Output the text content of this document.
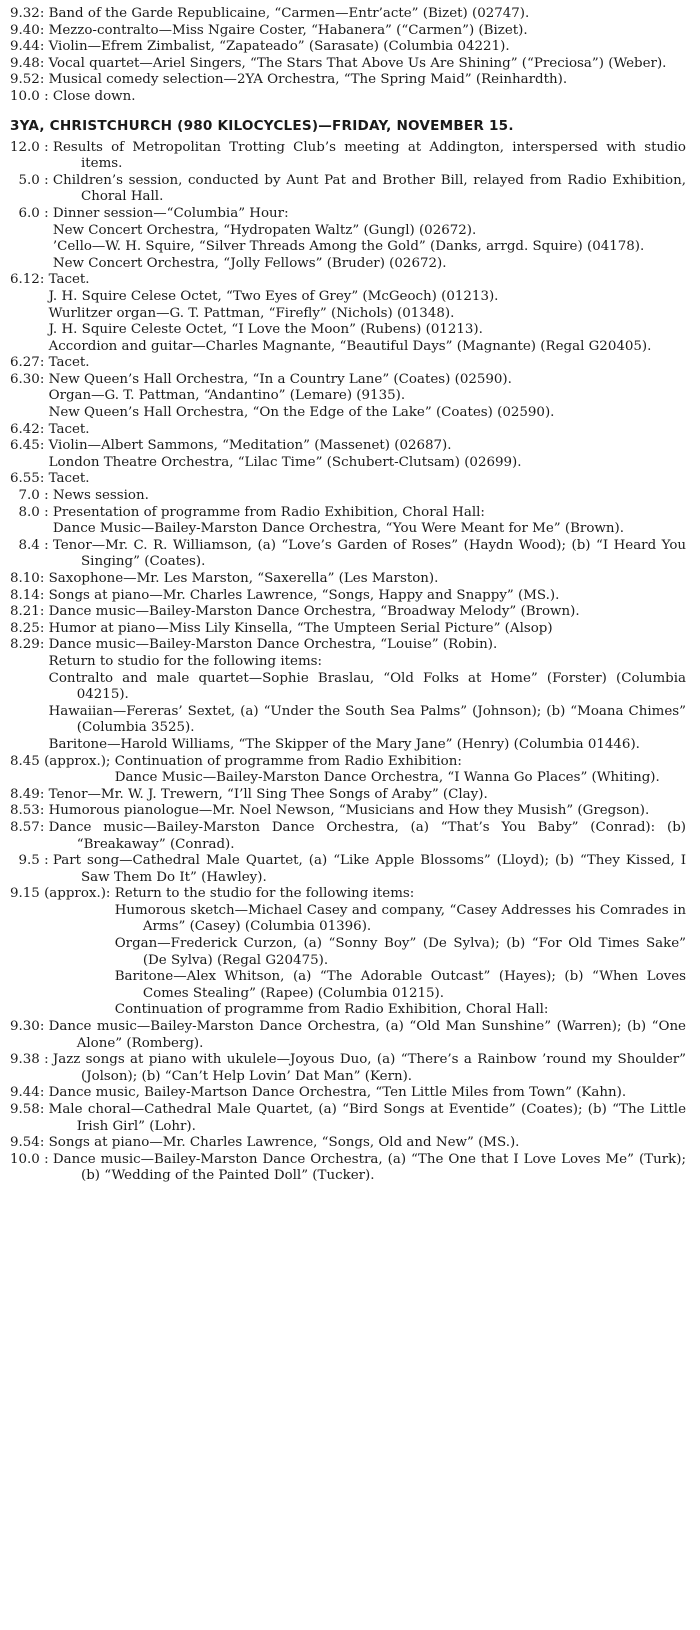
9.32: Band of the Garde Republicaine, “Carmen—Entr’acte” (Bizet) (02747).
9.40: Mezzo-contralto—Miss Ngaire Coster, “Habanera” (“Carmen”) (Bizet).
9.44: Violin—Efrem Zimbalist, “Zapateado” (Sarasate) (Columbia 04221).
9.48: Vocal quartet—Ariel Singers, “The Stars That Above Us Are Shining” (“Preciosa”) (Weber).
9.52: Musical comedy selection—2YA Orchestra, “The Spring Maid” (Reinhardth).
10.0 : Close down.
3YA, CHRISTCHURCH (980 KILOCYCLES)—FRIDAY, NOVEMBER 15.
12.0 : Results of Metropolitan Trotting Club’s meeting at Addington, interspersed with studio items.
5.0 : Children’s session, conducted by Aunt Pat and Brother Bill, relayed from Radio Exhibition, Choral Hall.
6.0 : Dinner session—“Columbia” Hour:
New Concert Orchestra, “Hydropaten Waltz” (Gungl) (02672).
’Cello—W. H. Squire, “Silver Threads Among the Gold” (Danks, arrgd. Squire) (04178).
New Concert Orchestra, “Jolly Fellows” (Bruder) (02672).
6.12: Tacet.
J. H. Squire Celese Octet, “Two Eyes of Grey” (McGeoch) (01213).
Wurlitzer organ—G. T. Pattman, “Firefly” (Nichols) (01348).
J. H. Squire Celeste Octet, “I Love the Moon” (Rubens) (01213).
Accordion and guitar—Charles Magnante, “Beautiful Days” (Magnante) (Regal G20405).
6.27: Tacet.
6.30: New Queen’s Hall Orchestra, “In a Country Lane” (Coates) (02590).
Organ—G. T. Pattman, “Andantino” (Lemare) (9135).
New Queen’s Hall Orchestra, “On the Edge of the Lake” (Coates) (02590).
6.42: Tacet.
6.45: Violin—Albert Sammons, “Meditation” (Massenet) (02687).
London Theatre Orchestra, “Lilac Time” (Schubert-Clutsam) (02699).
6.55: Tacet.
7.0 : News session.
8.0 : Presentation of programme from Radio Exhibition, Choral Hall:
Dance Music—Bailey-Marston Dance Orchestra, “You Were Meant for Me” (Brown).
8.4 : Tenor—Mr. C. R. Williamson, (a) “Love’s Garden of Roses” (Haydn Wood); (b) “I Heard You Singing” (Coates).
8.10: Saxophone—Mr. Les Marston, “Saxerella” (Les Marston).
8.14: Songs at piano—Mr. Charles Lawrence, “Songs, Happy and Snappy” (MS.).
8.21: Dance music—Bailey-Marston Dance Orchestra, “Broadway Melody” (Brown).
8.25: Humor at piano—Miss Lily Kinsella, “The Umpteen Serial Picture” (Alsop)
8.29: Dance music—Bailey-Marston Dance Orchestra, “Louise” (Robin).
Return to studio for the following items:
Contralto and male quartet—Sophie Braslau, “Old Folks at Home” (Forster) (Columbia 04215).
Hawaiian—Fereras’ Sextet, (a) “Under the South Sea Palms” (Johnson); (b) “Moana Chimes” (Columbia 3525).
Baritone—Harold Williams, “The Skipper of the Mary Jane” (Henry) (Columbia 01446).
8.45 (approx.); Continuation of programme from Radio Exhibition:
Dance Music—Bailey-Marston Dance Orchestra, “I Wanna Go Places” (Whiting).
8.49: Tenor—Mr. W. J. Trewern, “I’ll Sing Thee Songs of Araby” (Clay).
8.53: Humorous pianologue—Mr. Noel Newson, “Musicians and How they Musish” (Gregson).
8.57: Dance music—Bailey-Marston Dance Orchestra, (a) “That’s You Baby” (Conrad): (b) “Breakaway” (Conrad).
9.5 : Part song—Cathedral Male Quartet, (a) “Like Apple Blossoms” (Lloyd); (b) “They Kissed, I Saw Them Do It” (Hawley).
9.15 (approx.): Return to the studio for the following items:
Humorous sketch—Michael Casey and company, “Casey Addresses his Comrades in Arms” (Casey) (Columbia 01396).
Organ—Frederick Curzon, (a) “Sonny Boy” (De Sylva); (b) “For Old Times Sake” (De Sylva) (Regal G20475).
Baritone—Alex Whitson, (a) “The Adorable Outcast” (Hayes); (b) “When Loves Comes Stealing” (Rapee) (Columbia 01215).
Continuation of programme from Radio Exhibition, Choral Hall:
9.30: Dance music—Bailey-Marston Dance Orchestra, (a) “Old Man Sunshine” (Warren); (b) “One Alone” (Romberg).
9.38 : Jazz songs at piano with ukulele—Joyous Duo, (a) “There’s a Rainbow ’round my Shoulder” (Jolson); (b) “Can’t Help Lovin’ Dat Man” (Kern).
9.44: Dance music, Bailey-Martson Dance Orchestra, “Ten Little Miles from Town” (Kahn).
9.58: Male choral—Cathedral Male Quartet, (a) “Bird Songs at Eventide” (Coates); (b) “The Little Irish Girl” (Lohr).
9.54: Songs at piano—Mr. Charles Lawrence, “Songs, Old and New” (MS.).
10.0 : Dance music—Bailey-Marston Dance Orchestra, (a) “The One that I Love Loves Me” (Turk); (b) “Wedding of the Painted Doll” (Tucker).
